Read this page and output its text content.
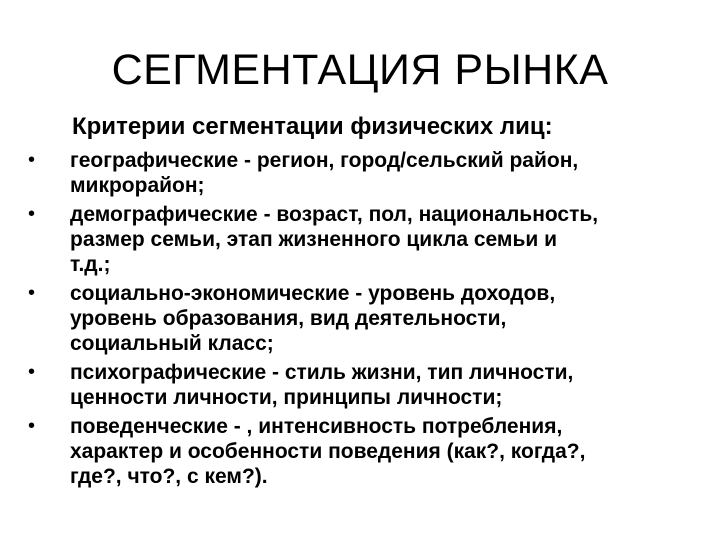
СЕГМЕНТАЦИЯ РЫНКА

Критерии сегментации физических лиц:

•	географические - регион, город/сельский район,
микрорайон;
•	демографические - возраст, пол, национальность,
размер семьи, этап жизненного цикла семьи и
т.д.;
•	социально-экономические - уровень доходов,
уровень образования, вид деятельности,
социальный класс;
•	психографические - стиль жизни, тип личности,
ценности личности, принципы личности;
•	поведенческие - , интенсивность потребления,
характер и особенности поведения (как?, когда?,
где?, что?, с кем?).
